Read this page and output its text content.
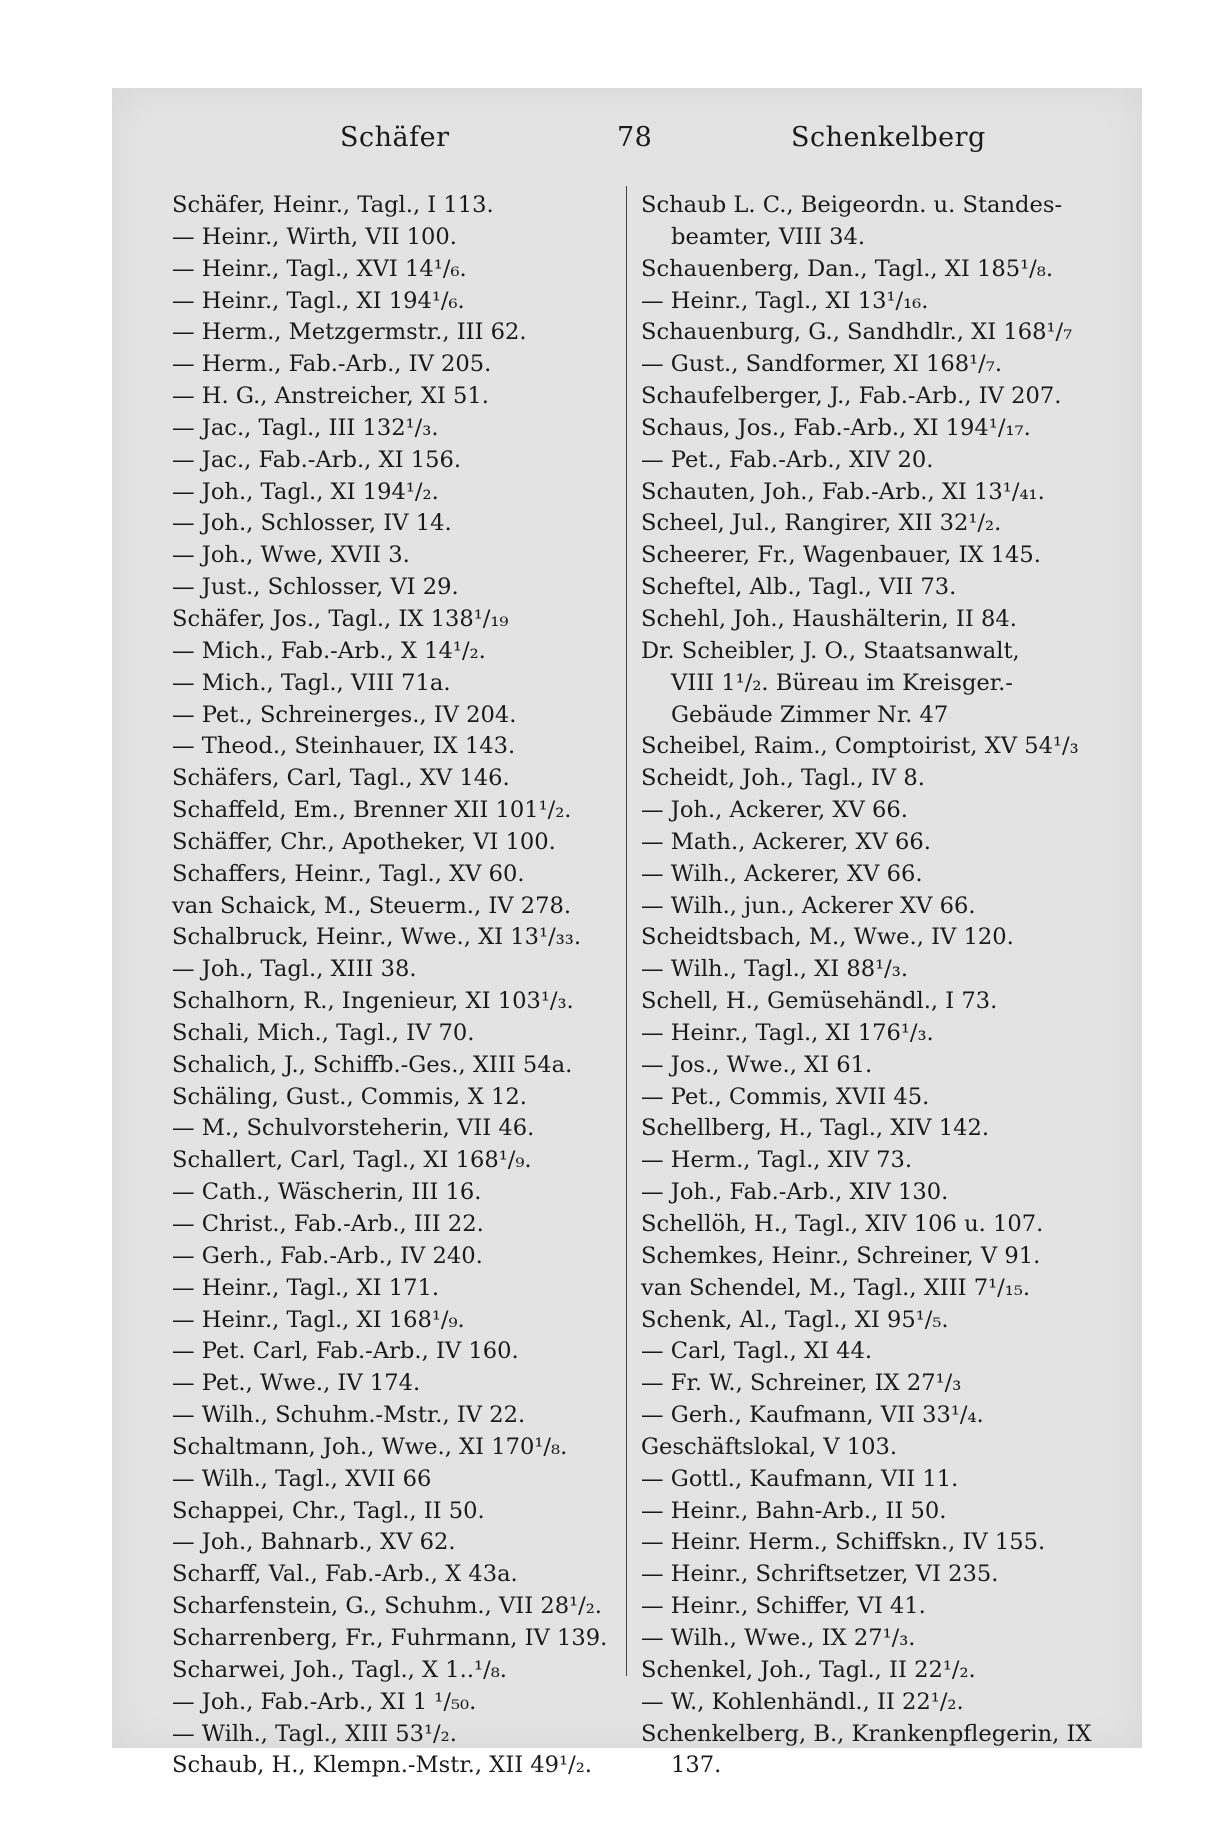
Schäfer	78	Schenkelberg
Schäfer, Heinr., Tagl., I 113.
— Heinr., Wirth, VII 100.
— Heinr., Tagl., XVI 14¹/₆.
— Heinr., Tagl., XI 194¹/₆.
— Herm., Metzgermstr., III 62.
— Herm., Fab.-Arb., IV 205.
— H. G., Anstreicher, XI 51.
— Jac., Tagl., III 132¹/₃.
— Jac., Fab.-Arb., XI 156.
— Joh., Tagl., XI 194¹/₂.
— Joh., Schlosser, IV 14.
— Joh., Wwe, XVII 3.
— Just., Schlosser, VI 29.
Schäfer, Jos., Tagl., IX 138¹/₁₉
— Mich., Fab.-Arb., X 14¹/₂.
— Mich., Tagl., VIII 71a.
— Pet., Schreinerges., IV 204.
— Theod., Steinhauer, IX 143.
Schäfers, Carl, Tagl., XV 146.
Schaffeld, Em., Brenner XII 101¹/₂.
Schäffer, Chr., Apotheker, VI 100.
Schaffers, Heinr., Tagl., XV 60.
van Schaick, M., Steuerm., IV 278.
Schalbruck, Heinr., Wwe., XI 13¹/₃₃.
— Joh., Tagl., XIII 38.
Schalhorn, R., Ingenieur, XI 103¹/₃.
Schali, Mich., Tagl., IV 70.
Schalich, J., Schiffb.-Ges., XIII 54a.
Schäling, Gust., Commis, X 12.
— M., Schulvorsteherin, VII 46.
Schallert, Carl, Tagl., XI 168¹/₉.
— Cath., Wäscherin, III 16.
— Christ., Fab.-Arb., III 22.
— Gerh., Fab.-Arb., IV 240.
— Heinr., Tagl., XI 171.
— Heinr., Tagl., XI 168¹/₉.
— Pet. Carl, Fab.-Arb., IV 160.
— Pet., Wwe., IV 174.
— Wilh., Schuhm.-Mstr., IV 22.
Schaltmann, Joh., Wwe., XI 170¹/₈.
— Wilh., Tagl., XVII 66
Schappei, Chr., Tagl., II 50.
— Joh., Bahnarb., XV 62.
Scharff, Val., Fab.-Arb., X 43a.
Scharfenstein, G., Schuhm., VII 28¹/₂.
Scharrenberg, Fr., Fuhrmann, IV 139.
Scharwei, Joh., Tagl., X 1..¹/₈.
— Joh., Fab.-Arb., XI 1 ¹/₅₀.
— Wilh., Tagl., XIII 53¹/₂.
Schaub, H., Klempn.-Mstr., XII 49¹/₂.
Schaub L. C., Beigeordn. u. Standes-
beamter, VIII 34.
Schauenberg, Dan., Tagl., XI 185¹/₈.
— Heinr., Tagl., XI 13¹/₁₆.
Schauenburg, G., Sandhdlr., XI 168¹/₇
— Gust., Sandformer, XI 168¹/₇.
Schaufelberger, J., Fab.-Arb., IV 207.
Schaus, Jos., Fab.-Arb., XI 194¹/₁₇.
— Pet., Fab.-Arb., XIV 20.
Schauten, Joh., Fab.-Arb., XI 13¹/₄₁.
Scheel, Jul., Rangirer, XII 32¹/₂.
Scheerer, Fr., Wagenbauer, IX 145.
Scheftel, Alb., Tagl., VII 73.
Schehl, Joh., Haushälterin, II 84.
Dr. Scheibler, J. O., Staatsanwalt,
VIII 1¹/₂. Büreau im Kreisger.-
Gebäude Zimmer Nr. 47
Scheibel, Raim., Comptoirist, XV 54¹/₃
Scheidt, Joh., Tagl., IV 8.
— Joh., Ackerer, XV 66.
— Math., Ackerer, XV 66.
— Wilh., Ackerer, XV 66.
— Wilh., jun., Ackerer XV 66.
Scheidtsbach, M., Wwe., IV 120.
— Wilh., Tagl., XI 88¹/₃.
Schell, H., Gemüsehändl., I 73.
— Heinr., Tagl., XI 176¹/₃.
— Jos., Wwe., XI 61.
— Pet., Commis, XVII 45.
Schellberg, H., Tagl., XIV 142.
— Herm., Tagl., XIV 73.
— Joh., Fab.-Arb., XIV 130.
Schellöh, H., Tagl., XIV 106 u. 107.
Schemkes, Heinr., Schreiner, V 91.
van Schendel, M., Tagl., XIII 7¹/₁₅.
Schenk, Al., Tagl., XI 95¹/₅.
— Carl, Tagl., XI 44.
— Fr. W., Schreiner, IX 27¹/₃
— Gerh., Kaufmann, VII 33¹/₄.
Geschäftslokal, V 103.
— Gottl., Kaufmann, VII 11.
— Heinr., Bahn-Arb., II 50.
— Heinr. Herm., Schiffskn., IV 155.
— Heinr., Schriftsetzer, VI 235.
— Heinr., Schiffer, VI 41.
— Wilh., Wwe., IX 27¹/₃.
Schenkel, Joh., Tagl., II 22¹/₂.
— W., Kohlenhändl., II 22¹/₂.
Schenkelberg, B., Krankenpflegerin, IX
137.
